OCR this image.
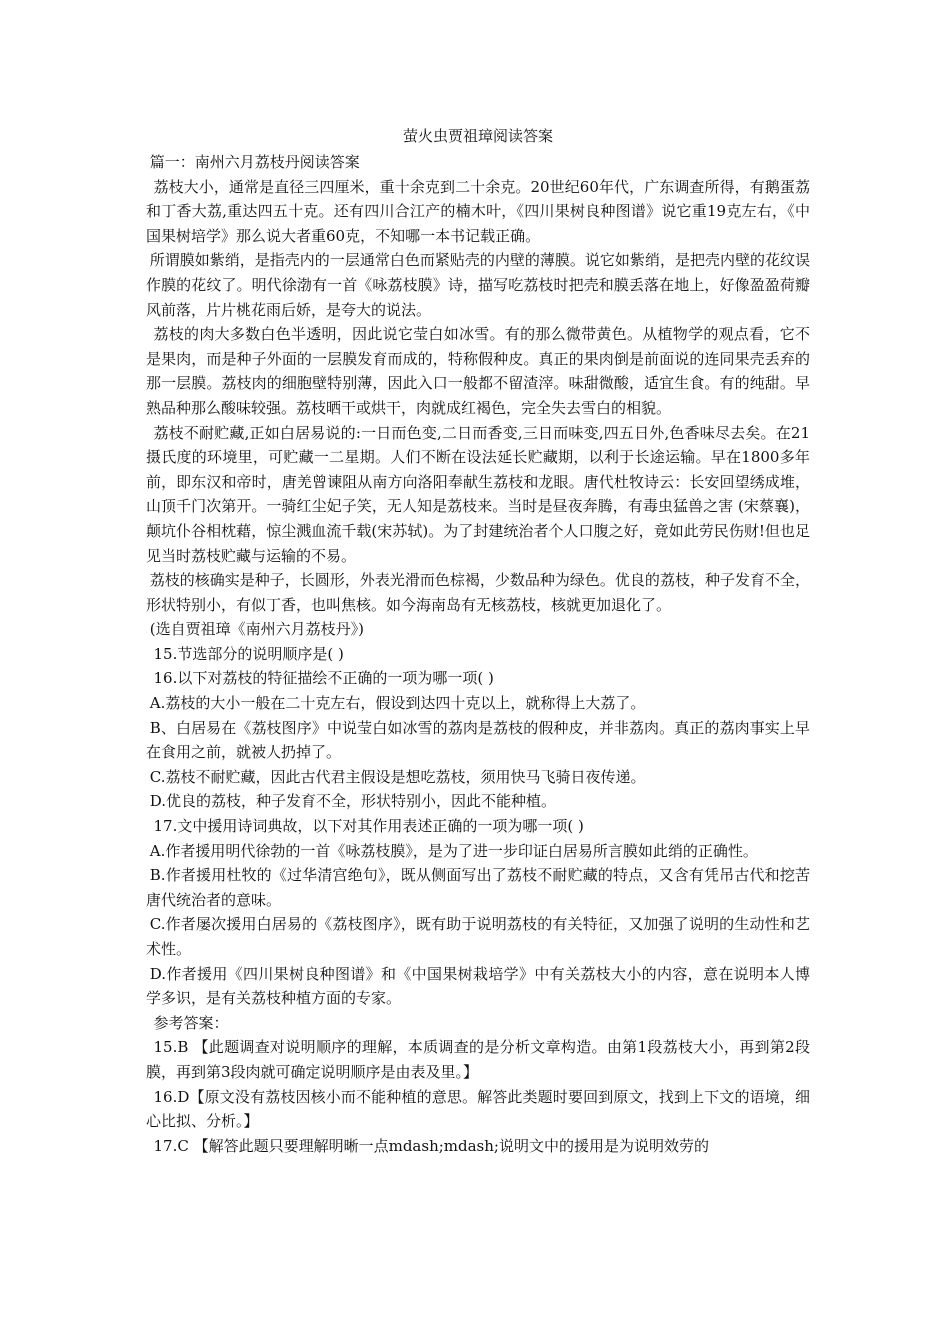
萤火虫贾祖璋阅读答案

篇一：南州六月荔枝丹阅读答案

荔枝大小，通常是直径三四厘米，重十余克到二十余克。20世纪60年代，广东调查所得，有鹅蛋荔和丁香大荔,重达四五十克。还有四川合江产的楠木叶，《四川果树良种图谱》说它重19克左右，《中国果树培学》那么说大者重60克，不知哪一本书记载正确。

所谓膜如紫绡，是指壳内的一层通常白色而紧贴壳的内壁的薄膜。说它如紫绡，是把壳内壁的花纹误作膜的花纹了。明代徐渤有一首《咏荔枝膜》诗，描写吃荔枝时把壳和膜丢落在地上，好像盈盈荷瓣风前落，片片桃花雨后娇，是夸大的说法。

荔枝的肉大多数白色半透明，因此说它莹白如冰雪。有的那么微带黄色。从植物学的观点看，它不是果肉，而是种子外面的一层膜发育而成的，特称假种皮。真正的果肉倒是前面说的连同果壳丢弃的那一层膜。荔枝肉的细胞壁特别薄，因此入口一般都不留渣滓。味甜微酸，适宜生食。有的纯甜。早熟品种那么酸味较强。荔枝晒干或烘干，肉就成红褐色，完全失去雪白的相貌。

荔枝不耐贮藏,正如白居易说的:一日而色变,二日而香变,三日而味变,四五日外,色香味尽去矣。在21摄氏度的环境里，可贮藏一二星期。人们不断在设法延长贮藏期，以利于长途运输。早在1800多年前，即东汉和帝时，唐羌曾谏阻从南方向洛阳奉献生荔枝和龙眼。唐代杜牧诗云：长安回望绣成堆，山顶千门次第开。一骑红尘妃子笑，无人知是荔枝来。当时是昼夜奔腾，有毒虫猛兽之害 (宋蔡襄)，颠坑仆谷相枕藉，惊尘溅血流千载(宋苏轼)。为了封建统治者个人口腹之好，竟如此劳民伤财!但也足见当时荔枝贮藏与运输的不易。

荔枝的核确实是种子，长圆形，外表光滑而色棕褐，少数品种为绿色。优良的荔枝，种子发育不全，形状特别小，有似丁香，也叫焦核。如今海南岛有无核荔枝，核就更加退化了。

(选自贾祖璋《南州六月荔枝丹》)

15.节选部分的说明顺序是( )

16.以下对荔枝的特征描绘不正确的一项为哪一项( )

A.荔枝的大小一般在二十克左右，假设到达四十克以上，就称得上大荔了。

B、白居易在《荔枝图序》中说莹白如冰雪的荔肉是荔枝的假种皮，并非荔肉。真正的荔肉事实上早在食用之前，就被人扔掉了。

C.荔枝不耐贮藏，因此古代君主假设是想吃荔枝，须用快马飞骑日夜传递。

D.优良的荔枝，种子发育不全，形状特别小，因此不能种植。

17.文中援用诗词典故，以下对其作用表述正确的一项为哪一项( )

A.作者援用明代徐勃的一首《咏荔枝膜》，是为了进一步印证白居易所言膜如此绡的正确性。

B.作者援用杜牧的《过华清宫绝句》，既从侧面写出了荔枝不耐贮藏的特点，又含有凭吊古代和挖苦唐代统治者的意味。

C.作者屡次援用白居易的《荔枝图序》，既有助于说明荔枝的有关特征，又加强了说明的生动性和艺术性。

D.作者援用《四川果树良种图谱》和《中国果树栽培学》中有关荔枝大小的内容，意在说明本人博学多识，是有关荔枝种植方面的专家。

参考答案：

15.B 【此题调查对说明顺序的理解，本质调查的是分析文章构造。由第1段荔枝大小，再到第2段膜，再到第3段肉就可确定说明顺序是由表及里。】

16.D【原文没有荔枝因核小而不能种植的意思。解答此类题时要回到原文，找到上下文的语境，细心比拟、分析。】

17.C 【解答此题只要理解明晰一点mdash;mdash;说明文中的援用是为说明效劳的
